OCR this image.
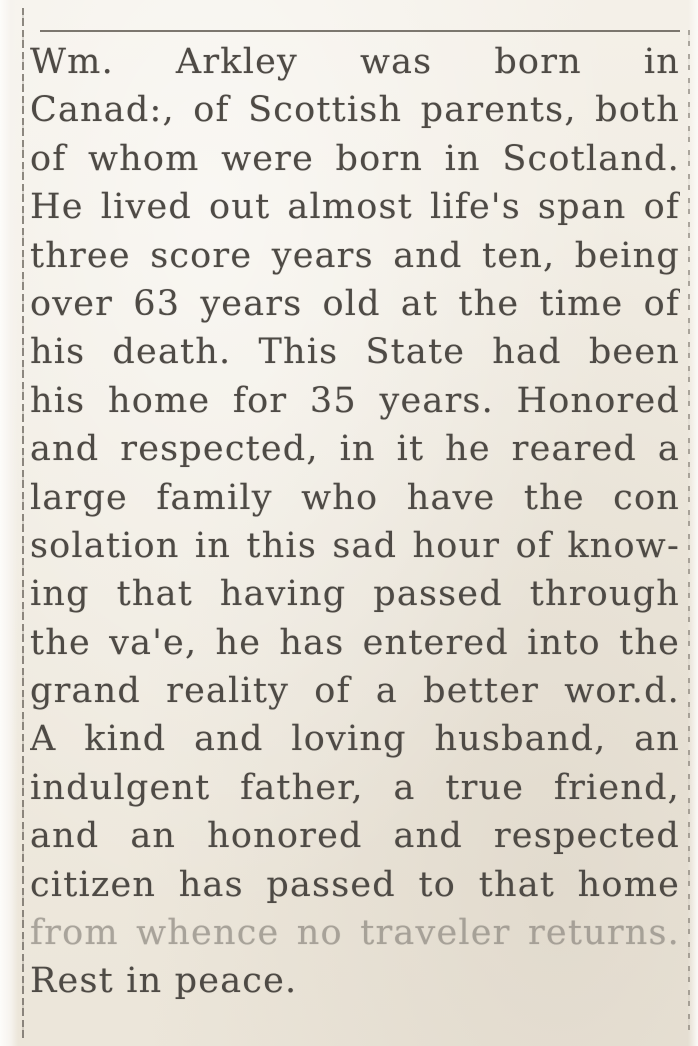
Wm. Arkley was born in
Canad:, of Scottish parents, both
of whom were born in Scotland.
He lived out almost life's span of
three score years and ten, being
over 63 years old at the time of
his death. This State had been
his home for 35 years. Honored
and respected, in it he reared a
large family who have the con
solation in this sad hour of know-
ing that having passed through
the va'e, he has entered into the
grand reality of a better wor.d.
A kind and loving husband, an
indulgent father, a true friend,
and an honored and respected
citizen has passed to that home
from whence no traveler returns.
Rest in peace.
